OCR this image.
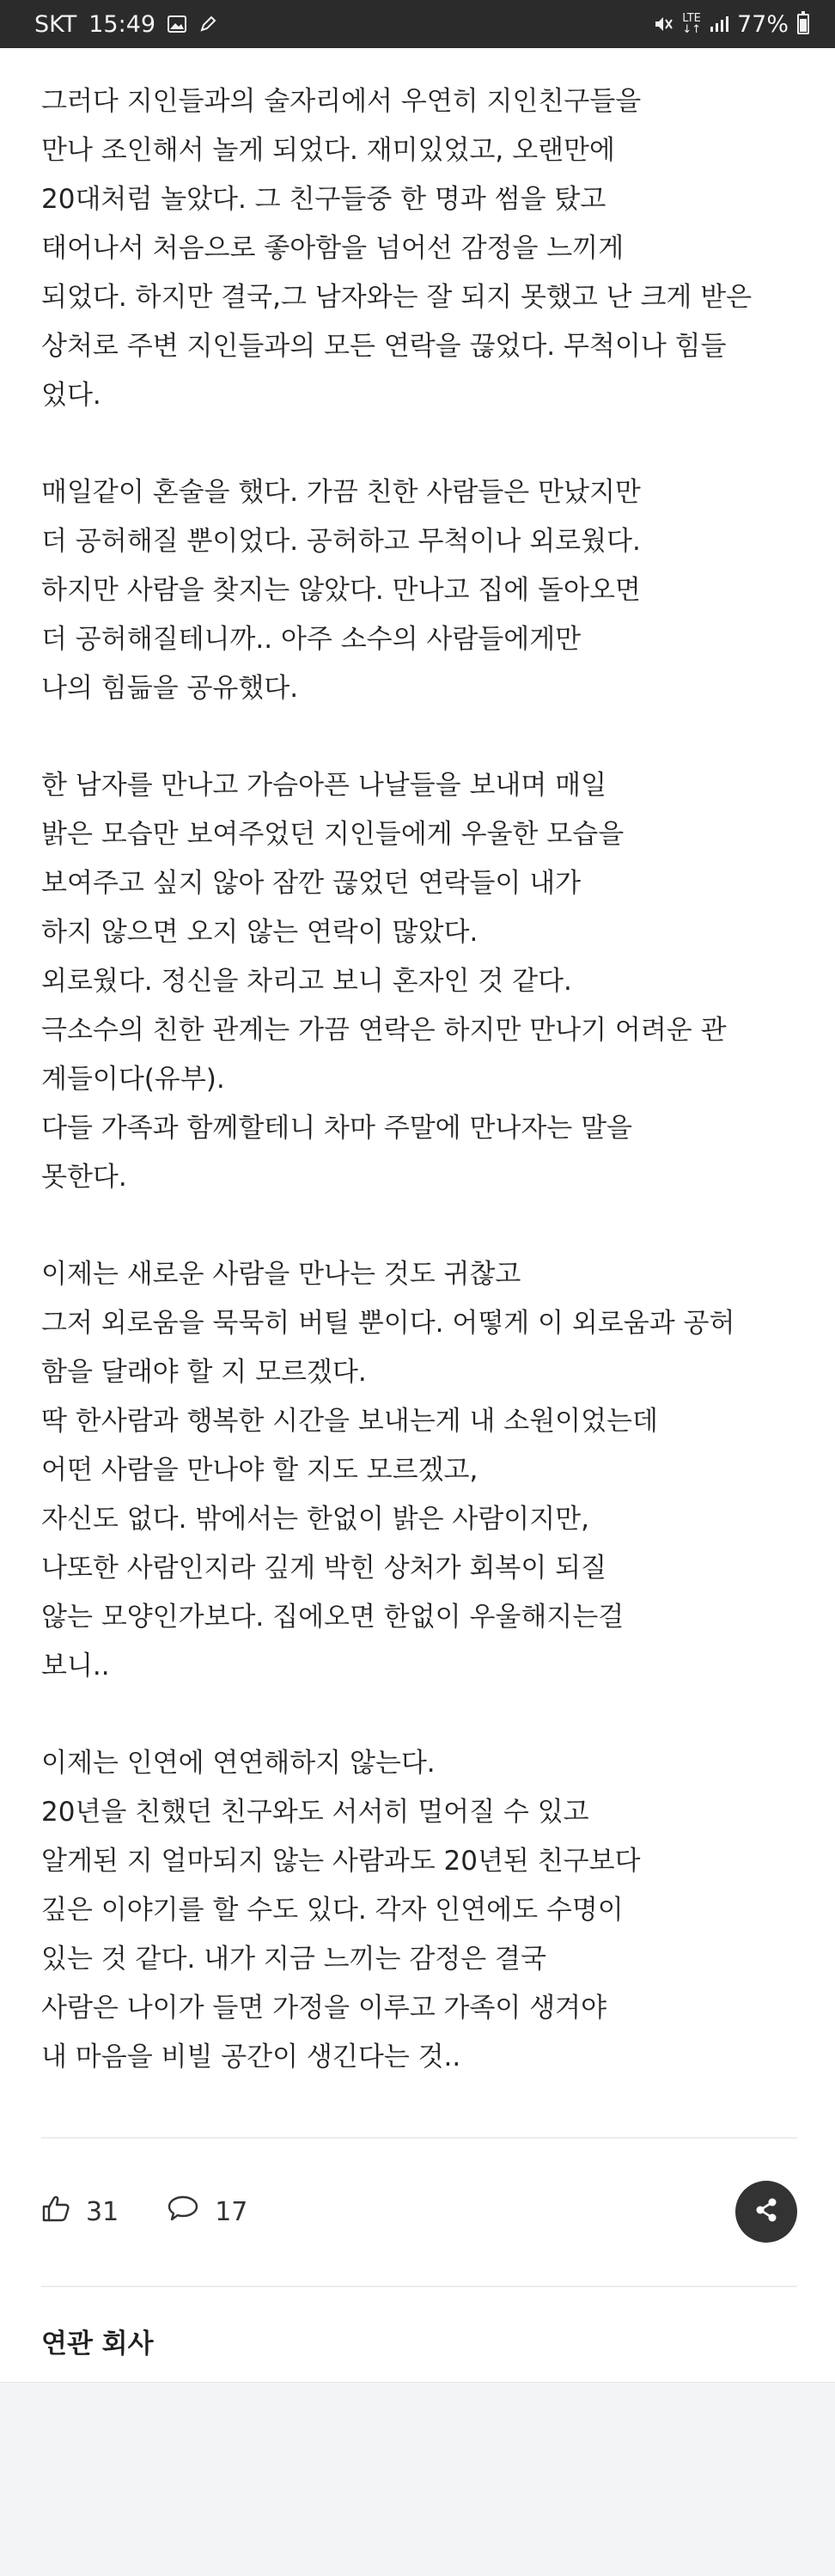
SKT 15:49	LTE
↓↑ 77%

그러다 지인들과의 술자리에서 우연히 지인친구들을
만나 조인해서 놀게 되었다. 재미있었고, 오랜만에
20대처럼 놀았다. 그 친구들중 한 명과 썸을 탔고
태어나서 처음으로 좋아함을 넘어선 감정을 느끼게
되었다. 하지만 결국,그 남자와는 잘 되지 못했고 난 크게 받은
상처로 주변 지인들과의 모든 연락을 끊었다. 무척이나 힘들
었다.

매일같이 혼술을 했다. 가끔 친한 사람들은 만났지만
더 공허해질 뿐이었다. 공허하고 무척이나 외로웠다.
하지만 사람을 찾지는 않았다. 만나고 집에 돌아오면
더 공허해질테니까.. 아주 소수의 사람들에게만
나의 힘듦을 공유했다.

한 남자를 만나고 가슴아픈 나날들을 보내며 매일
밝은 모습만 보여주었던 지인들에게 우울한 모습을
보여주고 싶지 않아 잠깐 끊었던 연락들이 내가
하지 않으면 오지 않는 연락이 많았다.
외로웠다. 정신을 차리고 보니 혼자인 것 같다.
극소수의 친한 관계는 가끔 연락은 하지만 만나기 어려운 관
계들이다(유부).
다들 가족과 함께할테니 차마 주말에 만나자는 말을
못한다.

이제는 새로운 사람을 만나는 것도 귀찮고
그저 외로움을 묵묵히 버틸 뿐이다. 어떻게 이 외로움과 공허
함을 달래야 할 지 모르겠다.
딱 한사람과 행복한 시간을 보내는게 내 소원이었는데
어떤 사람을 만나야 할 지도 모르겠고,
자신도 없다. 밖에서는 한없이 밝은 사람이지만,
나또한 사람인지라 깊게 박힌 상처가 회복이 되질
않는 모양인가보다. 집에오면 한없이 우울해지는걸
보니..

이제는 인연에 연연해하지 않는다.
20년을 친했던 친구와도 서서히 멀어질 수 있고
알게된 지 얼마되지 않는 사람과도 20년된 친구보다
깊은 이야기를 할 수도 있다. 각자 인연에도 수명이
있는 것 같다. 내가 지금 느끼는 감정은 결국
사람은 나이가 들면 가정을 이루고 가족이 생겨야
내 마음을 비빌 공간이 생긴다는 것..

31	17
연관 회사
